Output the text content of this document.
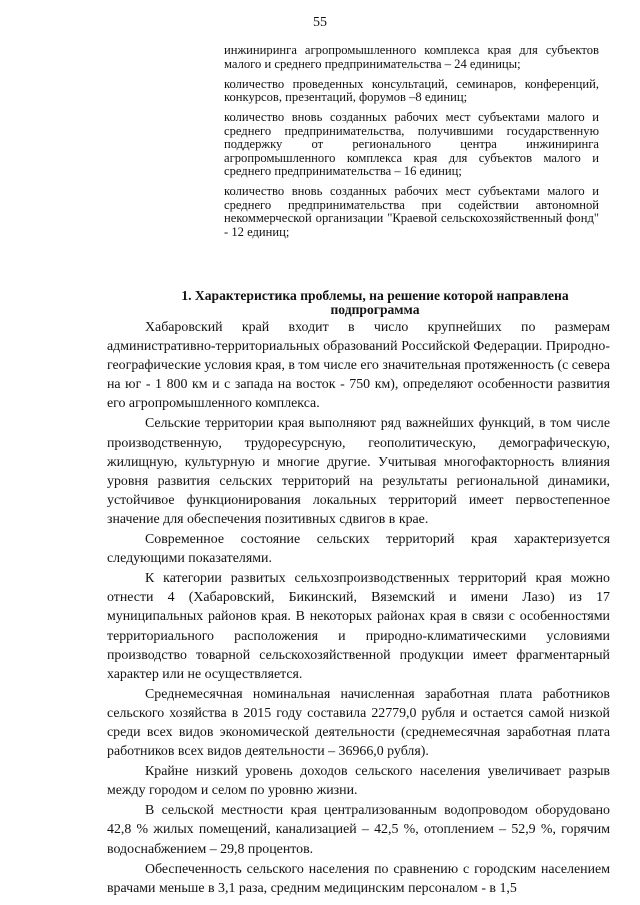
55

инжиниринга агропромышленного комплекса края для субъектов малого и среднего предпринимательства – 24 единицы;

количество проведенных консультаций, семинаров, конференций, конкурсов, презентаций, форумов –8 единиц;

количество вновь созданных рабочих мест субъектами малого и среднего предпринимательства, получившими государственную поддержку от регионального центра инжиниринга агропромышленного комплекса края для субъектов малого и среднего предпринимательства – 16 единиц;

количество вновь созданных рабочих мест субъектами малого и среднего предпринимательства при содействии автономной некоммерческой организации "Краевой сельскохозяйственный фонд" - 12 единиц;

1. Характеристика проблемы, на решение которой направлена подпрограмма

Хабаровский край входит в число крупнейших по размерам административно-территориальных образований Российской Федерации. Природно-географические условия края, в том числе его значительная протяженность (с севера на юг - 1 800 км и с запада на восток - 750 км), определяют особенности развития его агропромышленного комплекса.

Сельские территории края выполняют ряд важнейших функций, в том числе производственную, трудоресурсную, геополитическую, демографическую, жилищную, культурную и многие другие. Учитывая многофакторность влияния уровня развития сельских территорий на результаты региональной динамики, устойчивое функционирования локальных территорий имеет первостепенное значение для обеспечения позитивных сдвигов в крае.

Современное состояние сельских территорий края характеризуется следующими показателями.

К категории развитых сельхозпроизводственных территорий края можно отнести 4 (Хабаровский, Бикинский, Вяземский и имени Лазо) из 17 муниципальных районов края. В некоторых районах края в связи с особенностями территориального расположения и природно-климатическими условиями производство товарной сельскохозяйственной продукции имеет фрагментарный характер или не осуществляется.

Среднемесячная номинальная начисленная заработная плата работников сельского хозяйства в 2015 году составила 22779,0 рубля и остается самой низкой среди всех видов экономической деятельности (среднемесячная заработная плата работников всех видов деятельности – 36966,0 рубля).

Крайне низкий уровень доходов сельского населения увеличивает разрыв между городом и селом по уровню жизни.

В сельской местности края централизованным водопроводом оборудовано 42,8 % жилых помещений, канализацией – 42,5 %, отоплением – 52,9 %, горячим водоснабжением – 29,8 процентов.

Обеспеченность сельского населения по сравнению с городским населением врачами меньше в 3,1 раза, средним медицинским персоналом - в 1,5
